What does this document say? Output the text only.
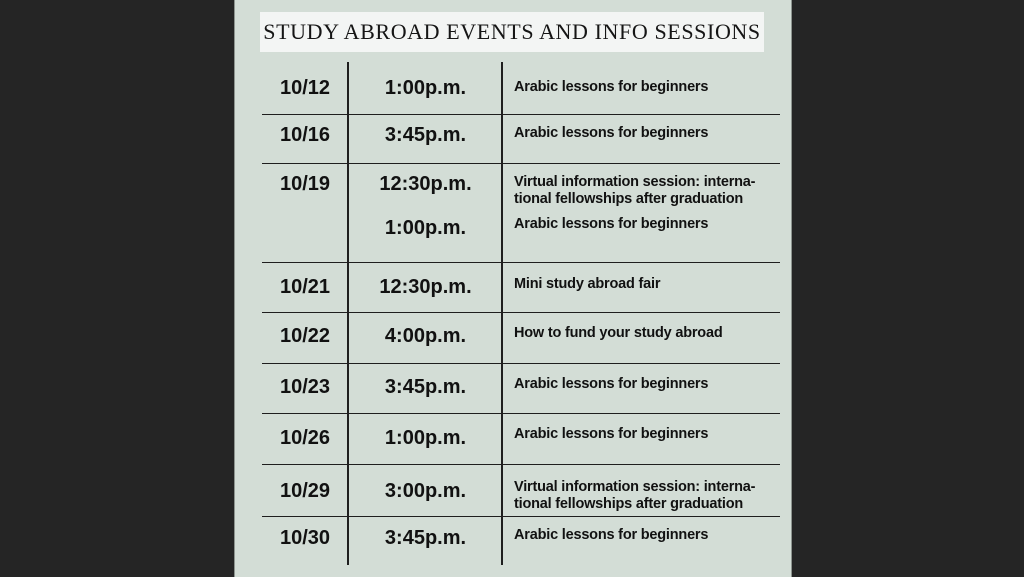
STUDY ABROAD EVENTS AND INFO SESSIONS
10/12	1:00p.m.	Arabic lessons for beginners
10/16	3:45p.m.	Arabic lessons for beginners
10/19	12:30p.m.	Virtual information session: interna-
tional fellowships after graduation
1:00p.m.	Arabic lessons for beginners
10/21	12:30p.m.	Mini study abroad fair
10/22	4:00p.m.	How to fund your study abroad
10/23	3:45p.m.	Arabic lessons for beginners
10/26	1:00p.m.	Arabic lessons for beginners
10/29	3:00p.m.	Virtual information session: interna-
tional fellowships after graduation
10/30	3:45p.m.	Arabic lessons for beginners
